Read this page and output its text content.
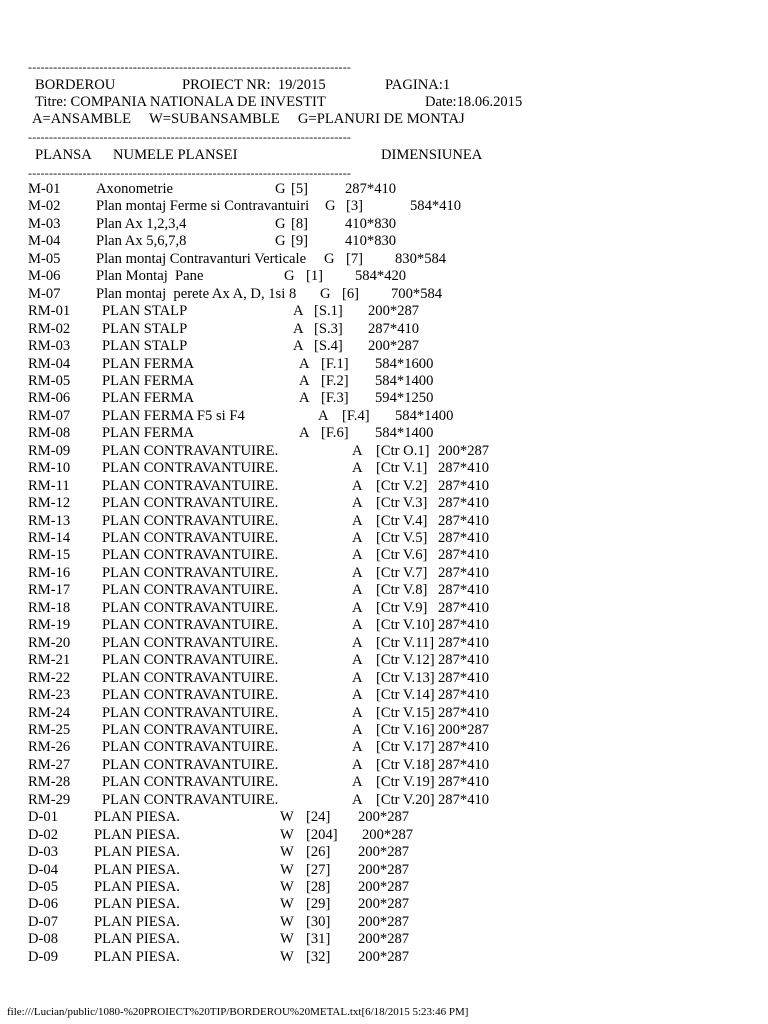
-----------------------------------------------------------------------------
BORDEROU	PROIECT NR:  19/2015	PAGINA:1
Titre: COMPANIA NATIONALA DE INVESTIT	Date:18.06.2015
A=ANSAMBLE     W=SUBANSAMBLE     G=PLANURI DE MONTAJ
-----------------------------------------------------------------------------
PLANSA NUMELE PLANSEI	DIMENSIUNEA
-----------------------------------------------------------------------------
M-01 Axonometrie	G [5]	287*410
M-02 Plan montaj Ferme si Contravantuiri G [3]	584*410
M-03 Plan Ax 1,2,3,4	G [8]	410*830
M-04 Plan Ax 5,6,7,8	G [9]	410*830
M-05 Plan montaj Contravanturi Verticale G [7] 830*584
M-06 Plan Montaj  Pane	G [1] 584*420
M-07 Plan montaj  perete Ax A, D, 1si 8 G [6] 700*584
RM-01 PLAN STALP	A [S.1] 200*287
RM-02 PLAN STALP	A [S.3] 287*410
RM-03 PLAN STALP	A [S.4] 200*287
RM-04 PLAN FERMA	A [F.1] 584*1600
RM-05 PLAN FERMA	A [F.2] 584*1400
RM-06 PLAN FERMA	A [F.3] 594*1250
RM-07 PLAN FERMA F5 si F4	A [F.4] 584*1400
RM-08 PLAN FERMA	A [F.6] 584*1400
RM-09 PLAN CONTRAVANTUIRE.	A [Ctr O.1] 200*287
RM-10 PLAN CONTRAVANTUIRE.	A [Ctr V.1] 287*410
RM-11 PLAN CONTRAVANTUIRE.	A [Ctr V.2] 287*410
RM-12 PLAN CONTRAVANTUIRE.	A [Ctr V.3] 287*410
RM-13 PLAN CONTRAVANTUIRE.	A [Ctr V.4] 287*410
RM-14 PLAN CONTRAVANTUIRE.	A [Ctr V.5] 287*410
RM-15 PLAN CONTRAVANTUIRE.	A [Ctr V.6] 287*410
RM-16 PLAN CONTRAVANTUIRE.	A [Ctr V.7] 287*410
RM-17 PLAN CONTRAVANTUIRE.	A [Ctr V.8] 287*410
RM-18 PLAN CONTRAVANTUIRE.	A [Ctr V.9] 287*410
RM-19 PLAN CONTRAVANTUIRE.	A [Ctr V.10] 287*410
RM-20 PLAN CONTRAVANTUIRE.	A [Ctr V.11] 287*410
RM-21 PLAN CONTRAVANTUIRE.	A [Ctr V.12] 287*410
RM-22 PLAN CONTRAVANTUIRE.	A [Ctr V.13] 287*410
RM-23 PLAN CONTRAVANTUIRE.	A [Ctr V.14] 287*410
RM-24 PLAN CONTRAVANTUIRE.	A [Ctr V.15] 287*410
RM-25 PLAN CONTRAVANTUIRE.	A [Ctr V.16] 200*287
RM-26 PLAN CONTRAVANTUIRE.	A [Ctr V.17] 287*410
RM-27 PLAN CONTRAVANTUIRE.	A [Ctr V.18] 287*410
RM-28 PLAN CONTRAVANTUIRE.	A [Ctr V.19] 287*410
RM-29 PLAN CONTRAVANTUIRE.	A [Ctr V.20] 287*410
D-01 PLAN PIESA.	W [24] 200*287
D-02 PLAN PIESA.	W [204] 200*287
D-03 PLAN PIESA.	W [26] 200*287
D-04 PLAN PIESA.	W [27] 200*287
D-05 PLAN PIESA.	W [28] 200*287
D-06 PLAN PIESA.	W [29] 200*287
D-07 PLAN PIESA.	W [30] 200*287
D-08 PLAN PIESA.	W [31] 200*287
D-09 PLAN PIESA.	W [32] 200*287
file:///Lucian/public/1080-%20PROIECT%20TIP/BORDEROU%20METAL.txt[6/18/2015 5:23:46 PM]
